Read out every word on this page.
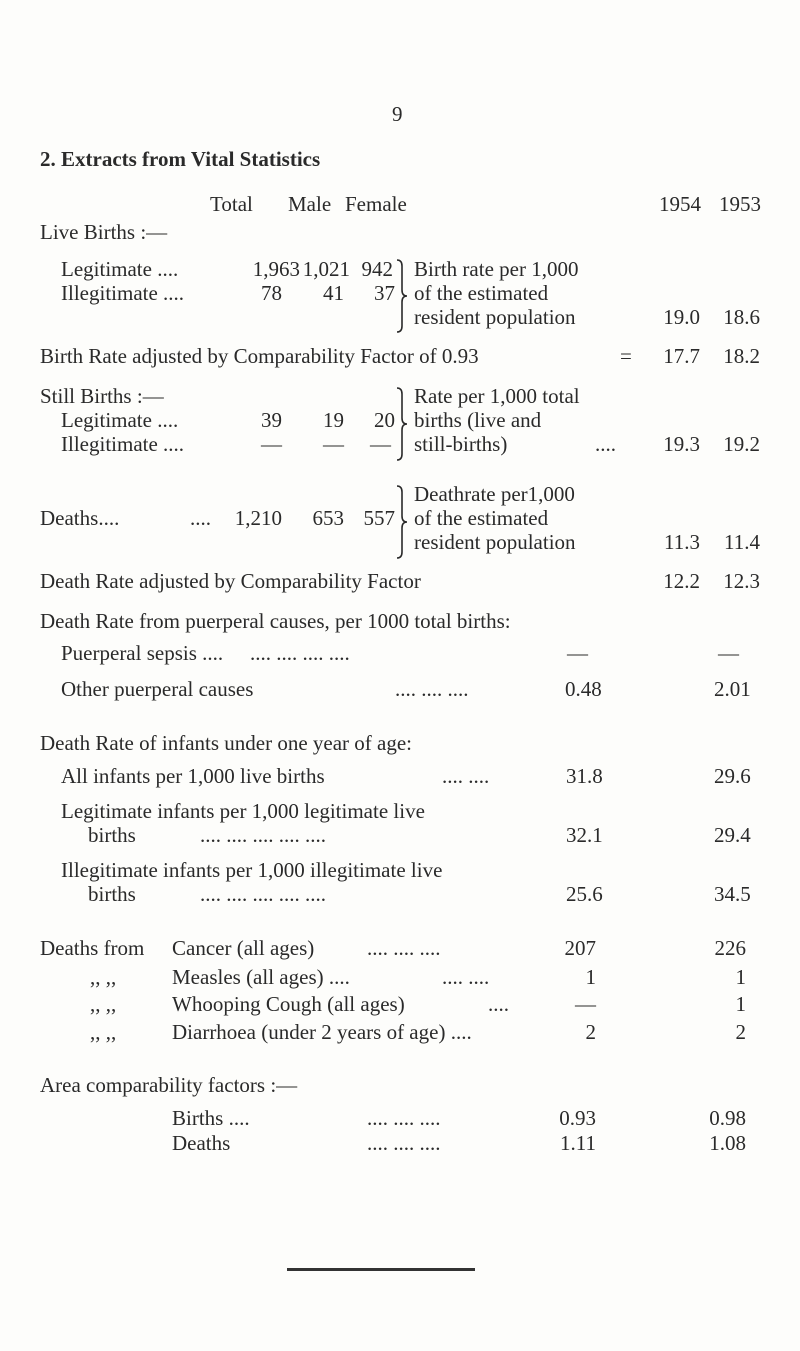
9
2. Extracts from Vital Statistics
Total Male Female	1954 1953
Live Births :—
Legitimate ....	1,963 1,021 942
Illegitimate ....	78	41	37
Birth rate per 1,000
of the estimated
resident population	19.0	18.6
Birth Rate adjusted by Comparability Factor of 0.93	=	17.7	18.2
Still Births :—
Legitimate ....	39	19	20
Illegitimate ....	—	—	—
Rate per 1,000 total
births (live and
still-births)	....	19.3	19.2
Deaths....	.... 1,210	653 557
Deathrate per1,000
of the estimated
resident population	11.3	11.4
Death Rate adjusted by Comparability Factor	12.2	12.3
Death Rate from puerperal causes, per 1000 total births:
Puerperal sepsis .... .... .... .... ....	—	—
Other puerperal causes	.... .... ....	0.48	2.01
Death Rate of infants under one year of age:
All infants per 1,000 live births	.... ....	31.8	29.6
Legitimate infants per 1,000 legitimate live
births	.... .... .... .... ....	32.1	29.4
Illegitimate infants per 1,000 illegitimate live
births	.... .... .... .... ....	25.6	34.5
Deaths from Cancer (all ages)	.... .... ....	207	226
,, ,,	Measles (all ages) ....	.... ....	1	1
,, ,,	Whooping Cough (all ages)	....	—	1
,, ,,	Diarrhoea (under 2 years of age) ....	2	2
Area comparability factors :—
Births ....	.... .... ....	0.93	0.98
Deaths	.... .... ....	1.11	1.08
